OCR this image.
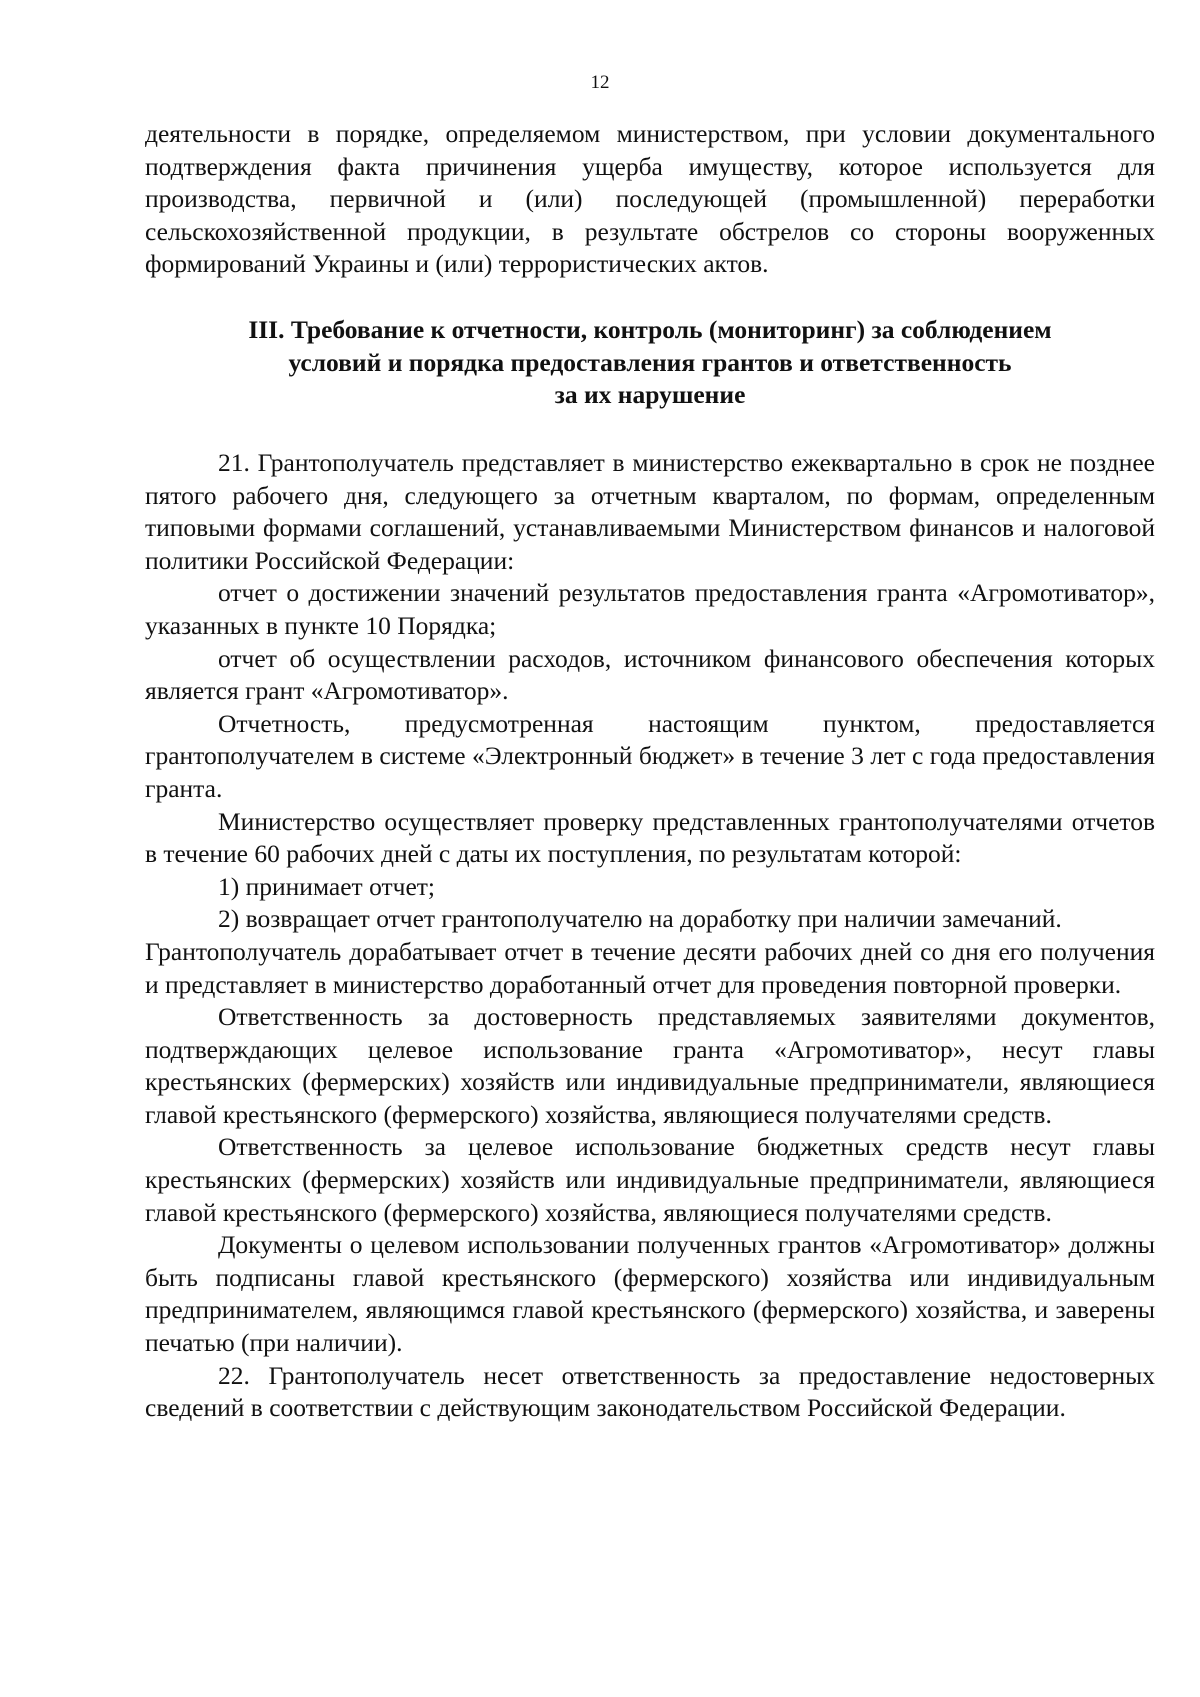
12

деятельности в порядке, определяемом министерством, при условии документального подтверждения факта причинения ущерба имуществу, которое используется для производства, первичной и (или) последующей (промышленной) переработки сельскохозяйственной продукции, в результате обстрелов со стороны вооруженных формирований Украины и (или) террористических актов.

III. Требование к отчетности, контроль (мониторинг) за соблюдением
условий и порядка предоставления грантов и ответственность
за их нарушение

21. Грантополучатель представляет в министерство ежеквартально в срок не позднее пятого рабочего дня, следующего за отчетным кварталом, по формам, определенным типовыми формами соглашений, устанавливаемыми Министерством финансов и налоговой политики Российской Федерации:

отчет о достижении значений результатов предоставления гранта «Агромотиватор», указанных в пункте 10 Порядка;

отчет об осуществлении расходов, источником финансового обеспечения которых является грант «Агромотиватор».

Отчетность, предусмотренная настоящим пунктом, предоставляется грантополучателем в системе «Электронный бюджет» в течение 3 лет с года предоставления гранта.

Министерство осуществляет проверку представленных грантополучателями отчетов в течение 60 рабочих дней с даты их поступления, по результатам которой:

1) принимает отчет;

2) возвращает отчет грантополучателю на доработку при наличии замечаний.

Грантополучатель дорабатывает отчет в течение десяти рабочих дней со дня его получения и представляет в министерство доработанный отчет для проведения повторной проверки.

Ответственность за достоверность представляемых заявителями документов, подтверждающих целевое использование гранта «Агромотиватор», несут главы крестьянских (фермерских) хозяйств или индивидуальные предприниматели, являющиеся главой крестьянского (фермерского) хозяйства, являющиеся получателями средств.

Ответственность за целевое использование бюджетных средств несут главы крестьянских (фермерских) хозяйств или индивидуальные предприниматели, являющиеся главой крестьянского (фермерского) хозяйства, являющиеся получателями средств.

Документы о целевом использовании полученных грантов «Агромотиватор» должны быть подписаны главой крестьянского (фермерского) хозяйства или индивидуальным предпринимателем, являющимся главой крестьянского (фермерского) хозяйства, и заверены печатью (при наличии).

22. Грантополучатель несет ответственность за предоставление недостоверных сведений в соответствии с действующим законодательством Российской Федерации.
